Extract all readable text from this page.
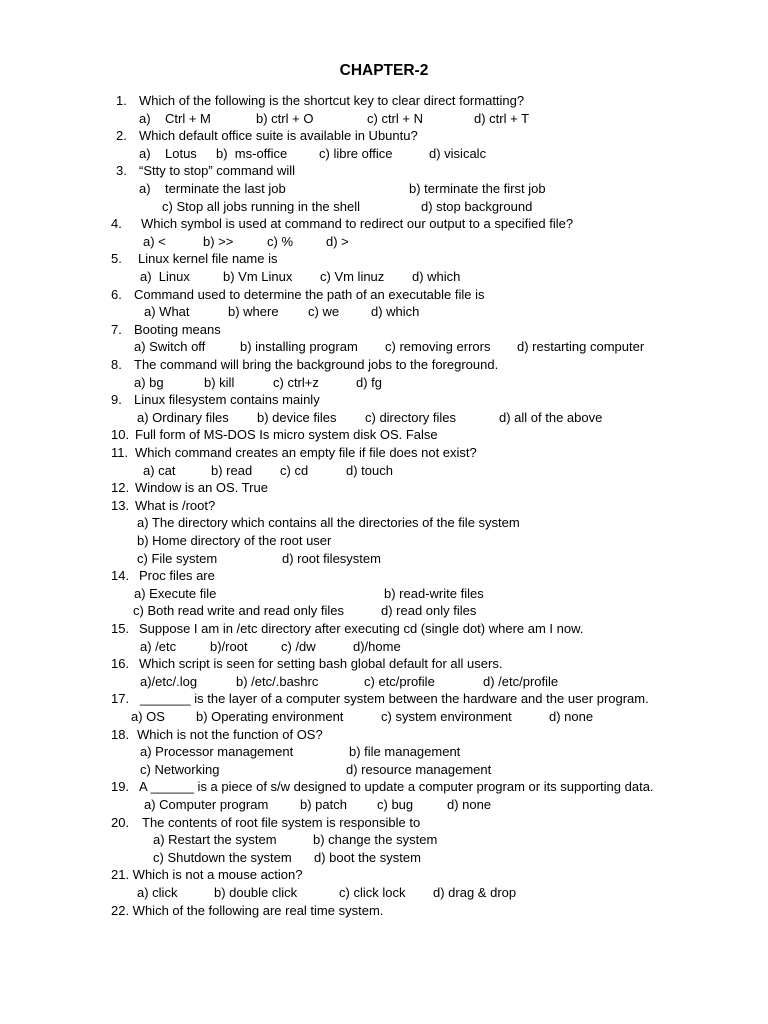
CHAPTER-2
1. Which of the following is the shortcut key to clear direct formatting?
a)    Ctrl + M	b) ctrl + O	c) ctrl + N	d) ctrl + T
2. Which default office suite is available in Ubuntu?
a)    Lotus b)  ms-office c) libre office	d) visicalc
3. “Stty to stop” command will
a)    terminate the last job	b) terminate the first job
c) Stop all jobs running in the shell	d) stop background
4. Which symbol is used at command to redirect our output to a specified file?
a) <	b) >>	c) %	d) >
5. Linux kernel file name is
a)  Linux	b) Vm Linux c) Vm linuz d) which
6. Command used to determine the path of an executable file is
a) What	b) where c) we d) which
7. Booting means
a) Switch off	b) installing program c) removing errors d) restarting computer
8. The command will bring the background jobs to the foreground.
a) bg	b) kill	c) ctrl+z	d) fg
9. Linux filesystem contains mainly
a) Ordinary files b) device files c) directory files	d) all of the above
10. Full form of MS-DOS Is micro system disk OS. False
11. Which command creates an empty file if file does not exist?
a) cat	b) read c) cd	d) touch
12. Window is an OS. True
13. What is /root?
a) The directory which contains all the directories of the file system
b) Home directory of the root user
c) File system	d) root filesystem
14. Proc files are
a) Execute file	b) read-write files
c) Both read write and read only files	d) read only files
15. Suppose I am in /etc directory after executing cd (single dot) where am I now.
a) /etc	b)/root	c) /dw	d)/home
16. Which script is seen for setting bash global default for all users.
a)/etc/.log	b) /etc/.bashrc	c) etc/profile	d) /etc/profile
17. _______ is the layer of a computer system between the hardware and the user program.
a) OS b) Operating environment	c) system environment	d) none
18. Which is not the function of OS?
a) Processor management	b) file management
c) Networking	d) resource management
19. A ______ is a piece of s/w designed to update a computer program or its supporting data.
a) Computer program b) patch c) bug	d) none
20. The contents of root file system is responsible to
a) Restart the system	b) change the system
c) Shutdown the system d) boot the system
21. Which is not a mouse action?
a) click	b) double click	c) click lock d) drag & drop
22. Which of the following are real time system.
